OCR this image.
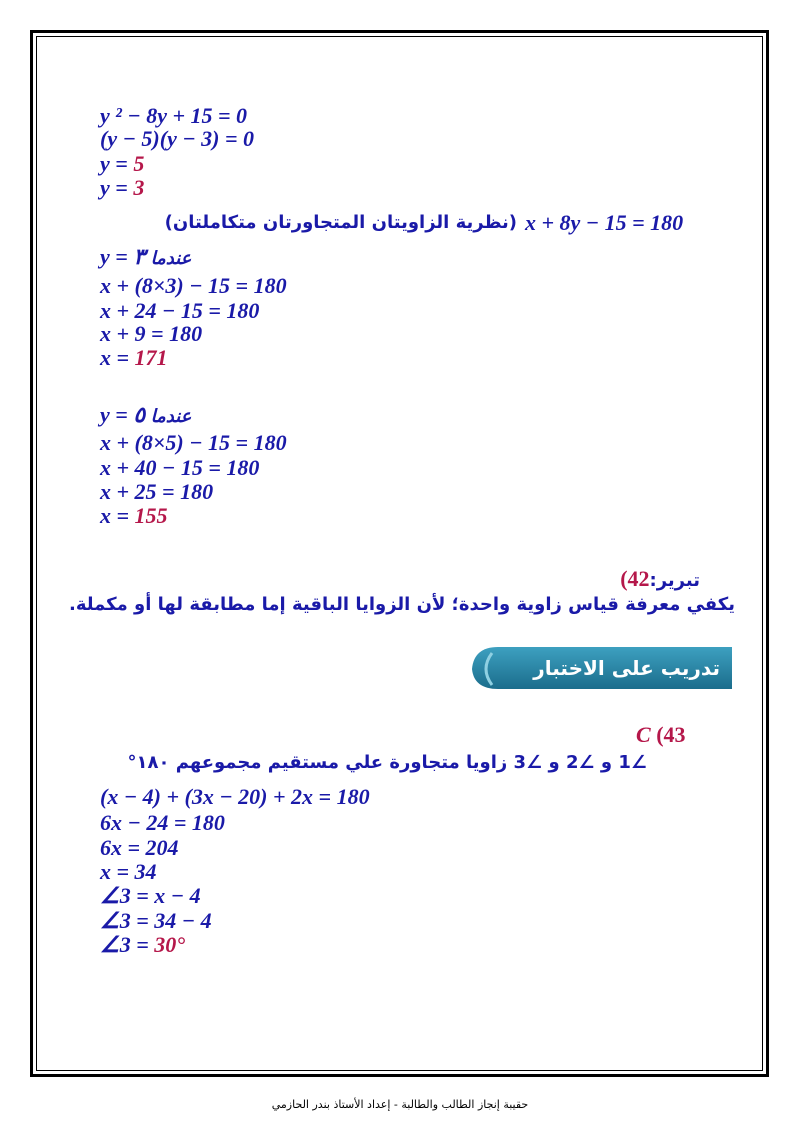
y ² − 8y + 15 = 0
(y − 5)(y − 3) = 0
y = 5
y = 3
(نظرية الزاويتان المتجاورتان متكاملتان) x + 8y − 15 = 180
y = ٣ عندما
x + (8×3) − 15 = 180
x + 24 − 15 = 180
x + 9 = 180
x = 171
y = ٥ عندما
x + (8×5) − 15 = 180
x + 40 − 15 = 180
x + 25 = 180
x = 155
تبرير:42)
يكفي معرفة قياس زاوية واحدة؛ لأن الزوايا الباقية إما مطابقة لها أو مكملة.
تدريب على الاختبار المعياري
C (43
∠1 و ∠2 و ∠3 زاويا متجاورة علي مستقيم مجموعهم ١٨٠°
(x − 4) + (3x − 20) + 2x = 180
6x − 24 = 180
6x = 204
x = 34
∠3 = x − 4
∠3 = 34 − 4
∠3 = 30°
حقيبة إنجاز الطالب والطالبة - إعداد الأستاذ بندر الحازمي
